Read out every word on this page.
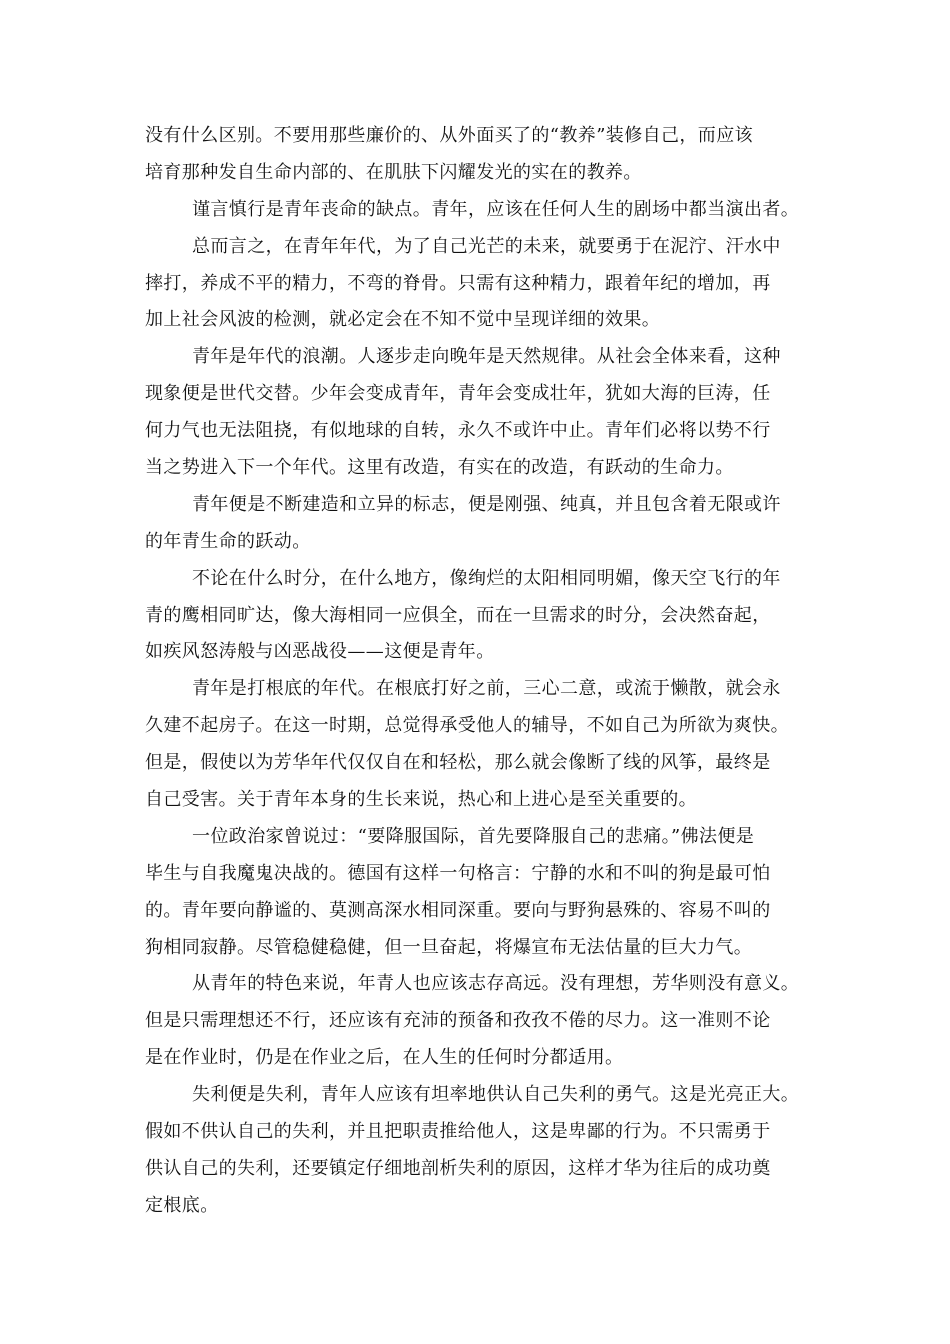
没有什么区别。不要用那些廉价的、从外面买了的“教养”装修自己，而应该
培育那种发自生命内部的、在肌肤下闪耀发光的实在的教养。
谨言慎行是青年丧命的缺点。青年，应该在任何人生的剧场中都当演出者。
总而言之，在青年年代，为了自己光芒的未来，就要勇于在泥泞、汗水中
摔打，养成不平的精力，不弯的脊骨。只需有这种精力，跟着年纪的增加，再
加上社会风波的检测，就必定会在不知不觉中呈现详细的效果。
青年是年代的浪潮。人逐步走向晚年是天然规律。从社会全体来看，这种
现象便是世代交替。少年会变成青年，青年会变成壮年，犹如大海的巨涛，任
何力气也无法阻挠，有似地球的自转，永久不或许中止。青年们必将以势不行
当之势进入下一个年代。这里有改造，有实在的改造，有跃动的生命力。
青年便是不断建造和立异的标志，便是刚强、纯真，并且包含着无限或许
的年青生命的跃动。
不论在什么时分，在什么地方，像绚烂的太阳相同明媚，像天空飞行的年
青的鹰相同旷达，像大海相同一应俱全，而在一旦需求的时分，会决然奋起，
如疾风怒涛般与凶恶战役——这便是青年。
青年是打根底的年代。在根底打好之前，三心二意，或流于懒散，就会永
久建不起房子。在这一时期，总觉得承受他人的辅导，不如自己为所欲为爽快。
但是，假使以为芳华年代仅仅自在和轻松，那么就会像断了线的风筝，最终是
自己受害。关于青年本身的生长来说，热心和上进心是至关重要的。
一位政治家曾说过：“要降服国际，首先要降服自己的悲痛。”佛法便是
毕生与自我魔鬼决战的。德国有这样一句格言：宁静的水和不叫的狗是最可怕
的。青年要向静谧的、莫测高深水相同深重。要向与野狗悬殊的、容易不叫的
狗相同寂静。尽管稳健稳健，但一旦奋起，将爆宣布无法估量的巨大力气。
从青年的特色来说，年青人也应该志存高远。没有理想，芳华则没有意义。
但是只需理想还不行，还应该有充沛的预备和孜孜不倦的尽力。这一准则不论
是在作业时，仍是在作业之后，在人生的任何时分都适用。
失利便是失利，青年人应该有坦率地供认自己失利的勇气。这是光亮正大。
假如不供认自己的失利，并且把职责推给他人，这是卑鄙的行为。不只需勇于
供认自己的失利，还要镇定仔细地剖析失利的原因，这样才华为往后的成功奠
定根底。
